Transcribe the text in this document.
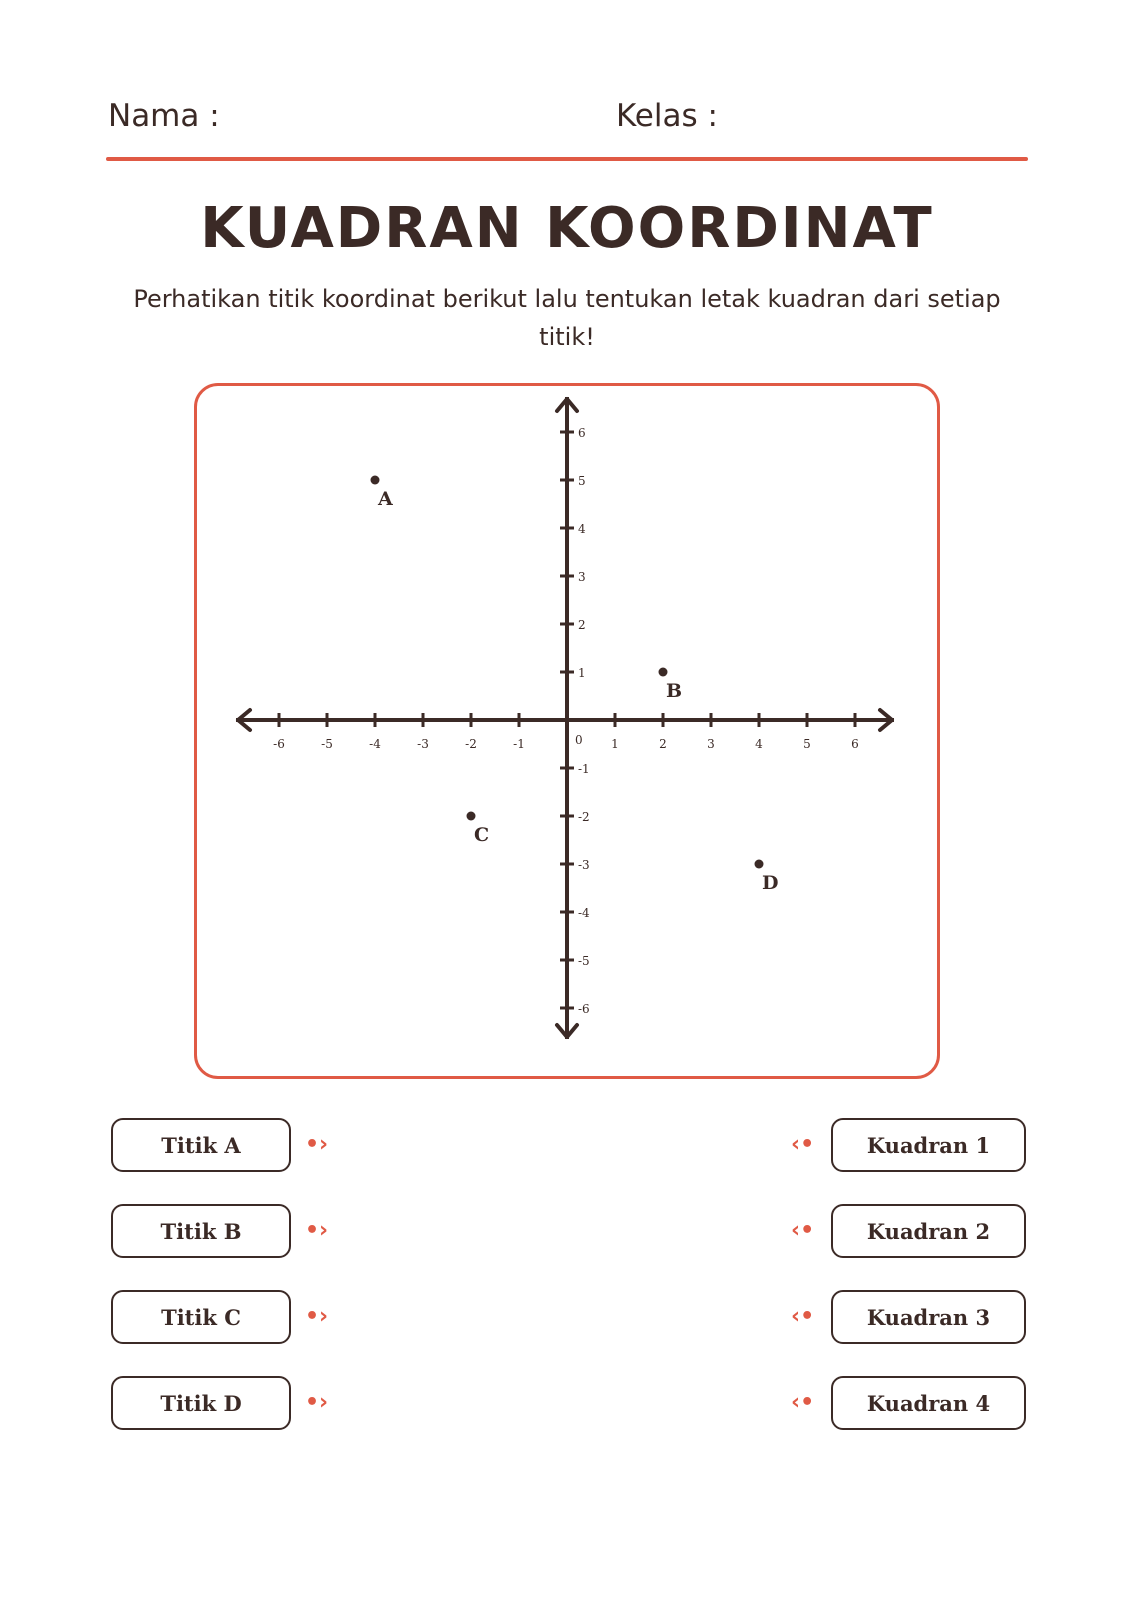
Nama :	Kelas :
KUADRAN KOORDINAT
Perhatikan titik koordinat berikut lalu tentukan letak kuadran dari setiap titik!
-6	-5	-4	-3	-2	-1	1	2	3	4	5	6
6
5
4
3
2
1
-1
-2
-3
-4
-5
-6
0
A
B
C
D
Titik A
Titik B
Titik C
Titik D
•›
•›
•›
•›
‹•
‹•
‹•
‹•
Kuadran 1
Kuadran 2
Kuadran 3
Kuadran 4
